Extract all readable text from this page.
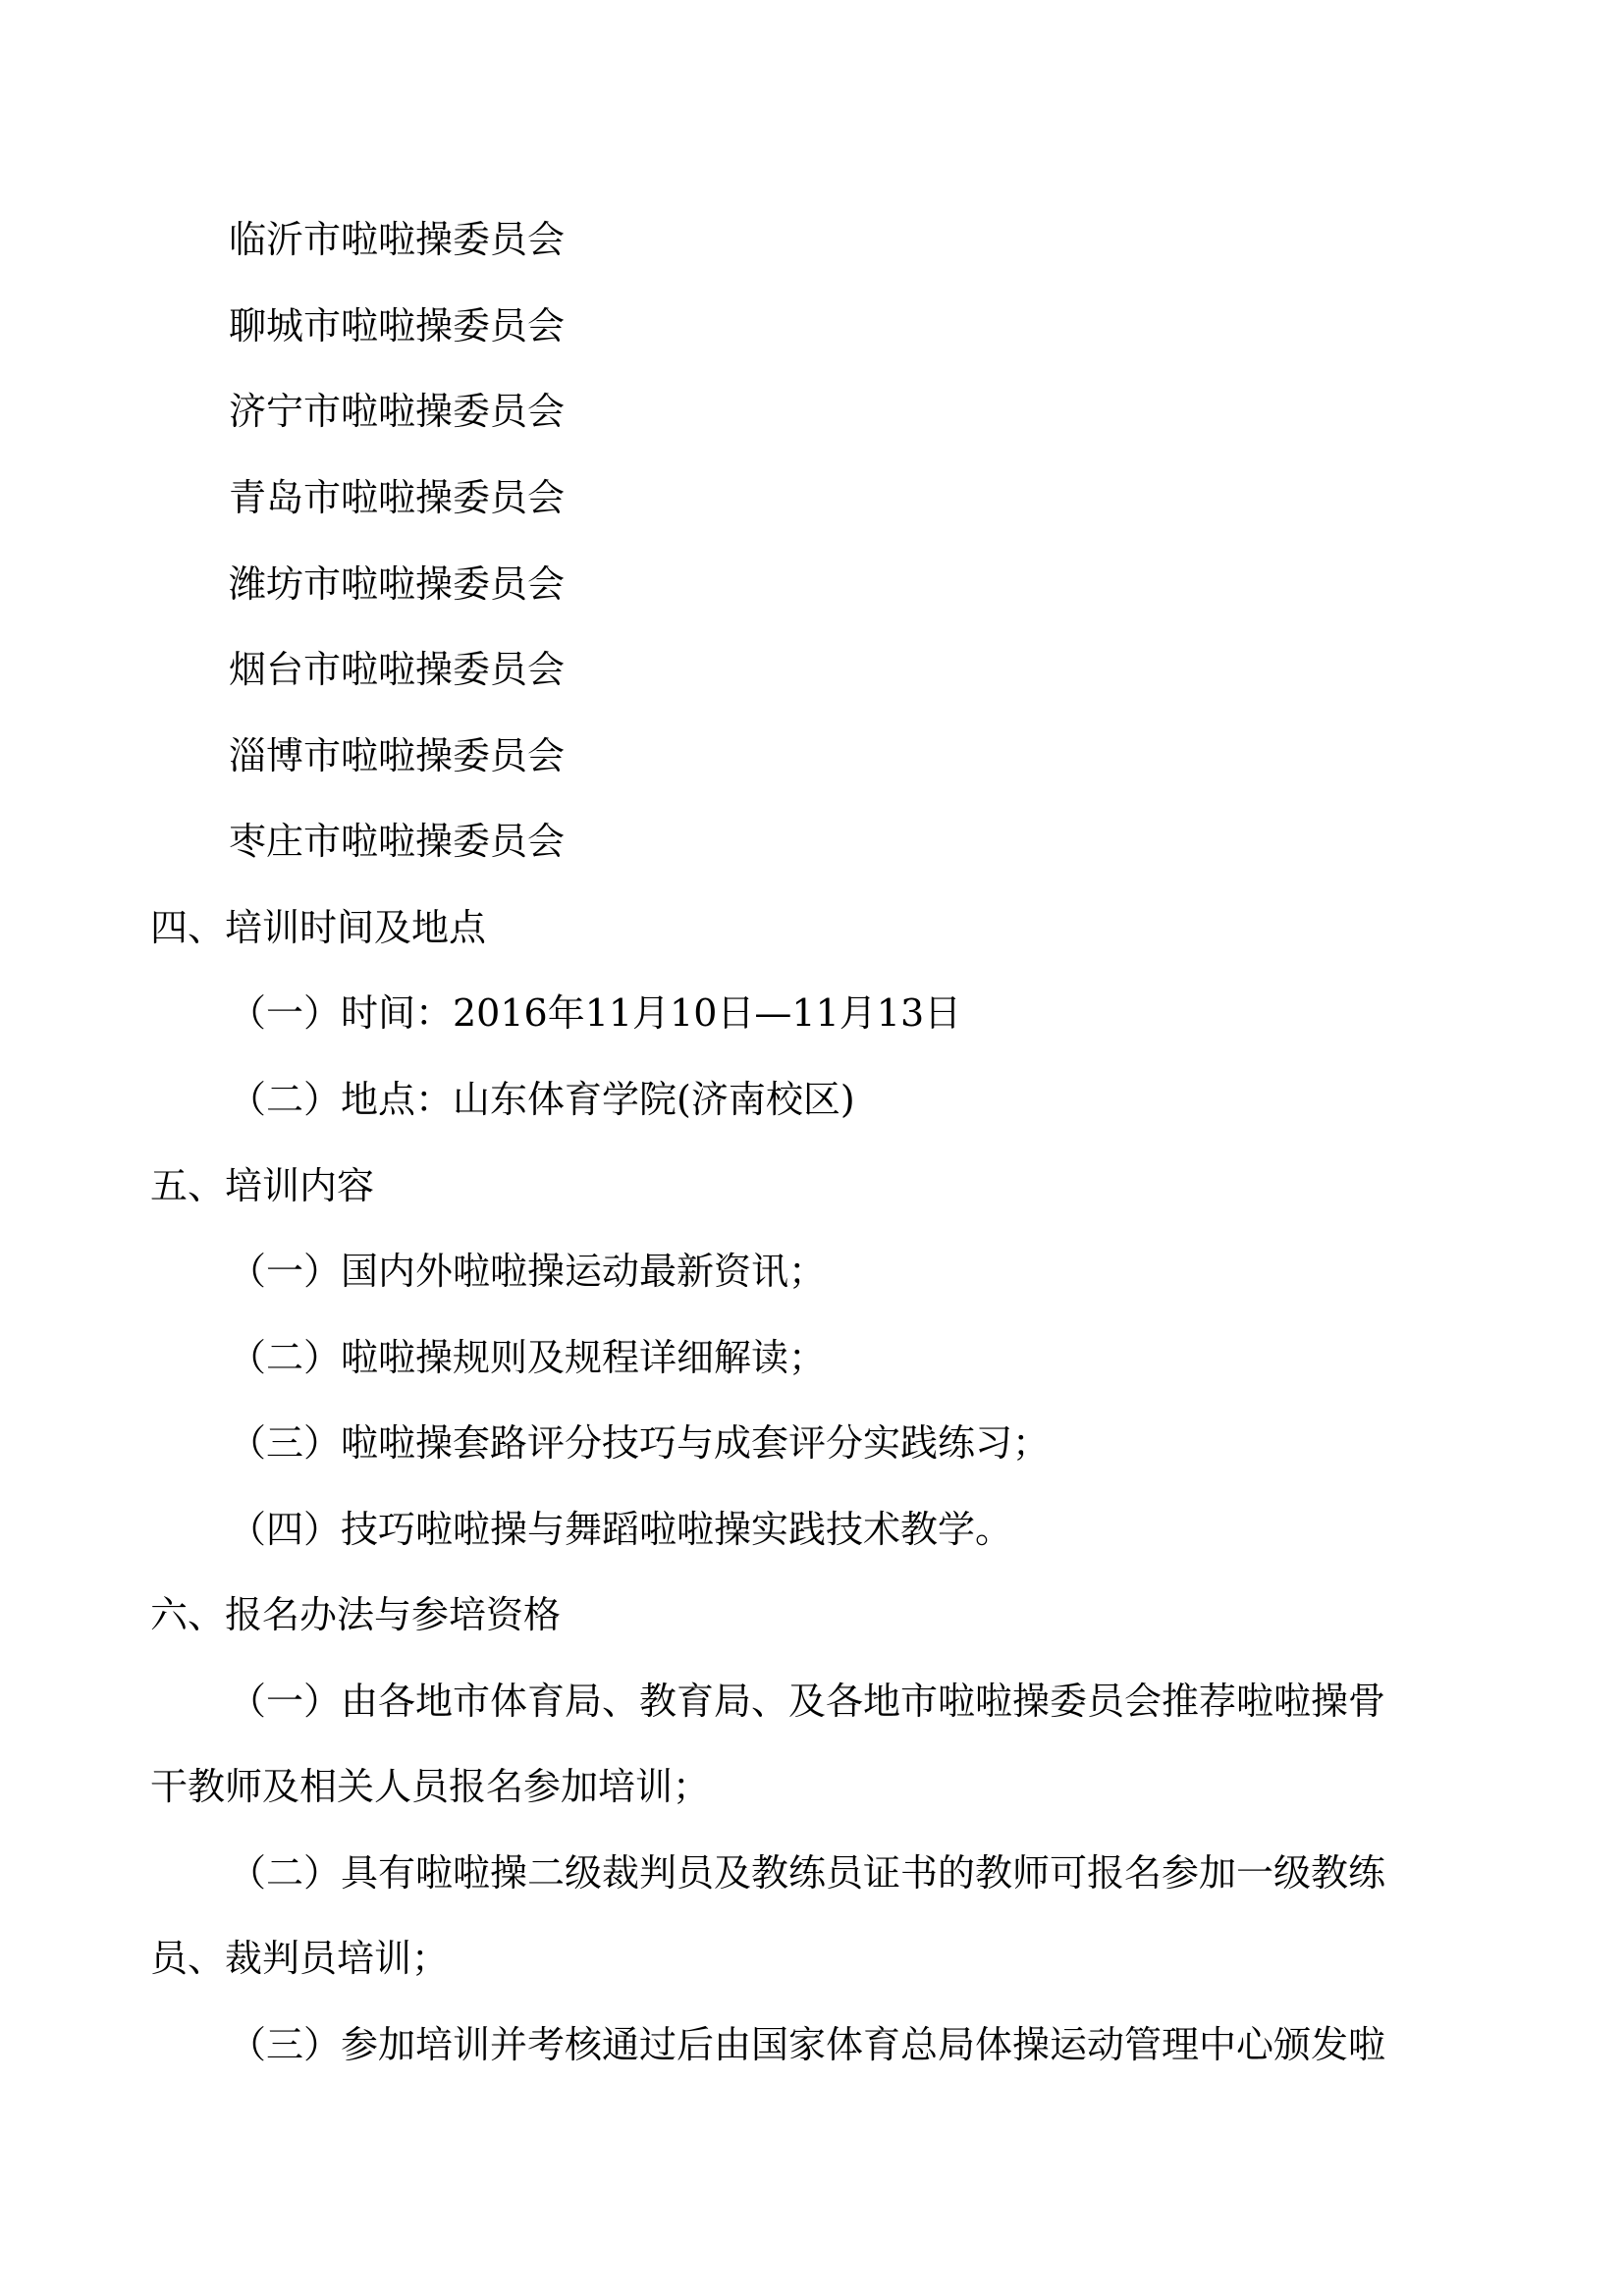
临沂市啦啦操委员会
聊城市啦啦操委员会
济宁市啦啦操委员会
青岛市啦啦操委员会
潍坊市啦啦操委员会
烟台市啦啦操委员会
淄博市啦啦操委员会
枣庄市啦啦操委员会
四、培训时间及地点
（一）时间：2016年11月10日—11月13日
（二）地点：山东体育学院(济南校区)
五、培训内容
（一）国内外啦啦操运动最新资讯；
（二）啦啦操规则及规程详细解读；
（三）啦啦操套路评分技巧与成套评分实践练习；
（四）技巧啦啦操与舞蹈啦啦操实践技术教学。
六、报名办法与参培资格
（一）由各地市体育局、教育局、及各地市啦啦操委员会推荐啦啦操骨
干教师及相关人员报名参加培训；
（二）具有啦啦操二级裁判员及教练员证书的教师可报名参加一级教练
员、裁判员培训；
（三）参加培训并考核通过后由国家体育总局体操运动管理中心颁发啦
